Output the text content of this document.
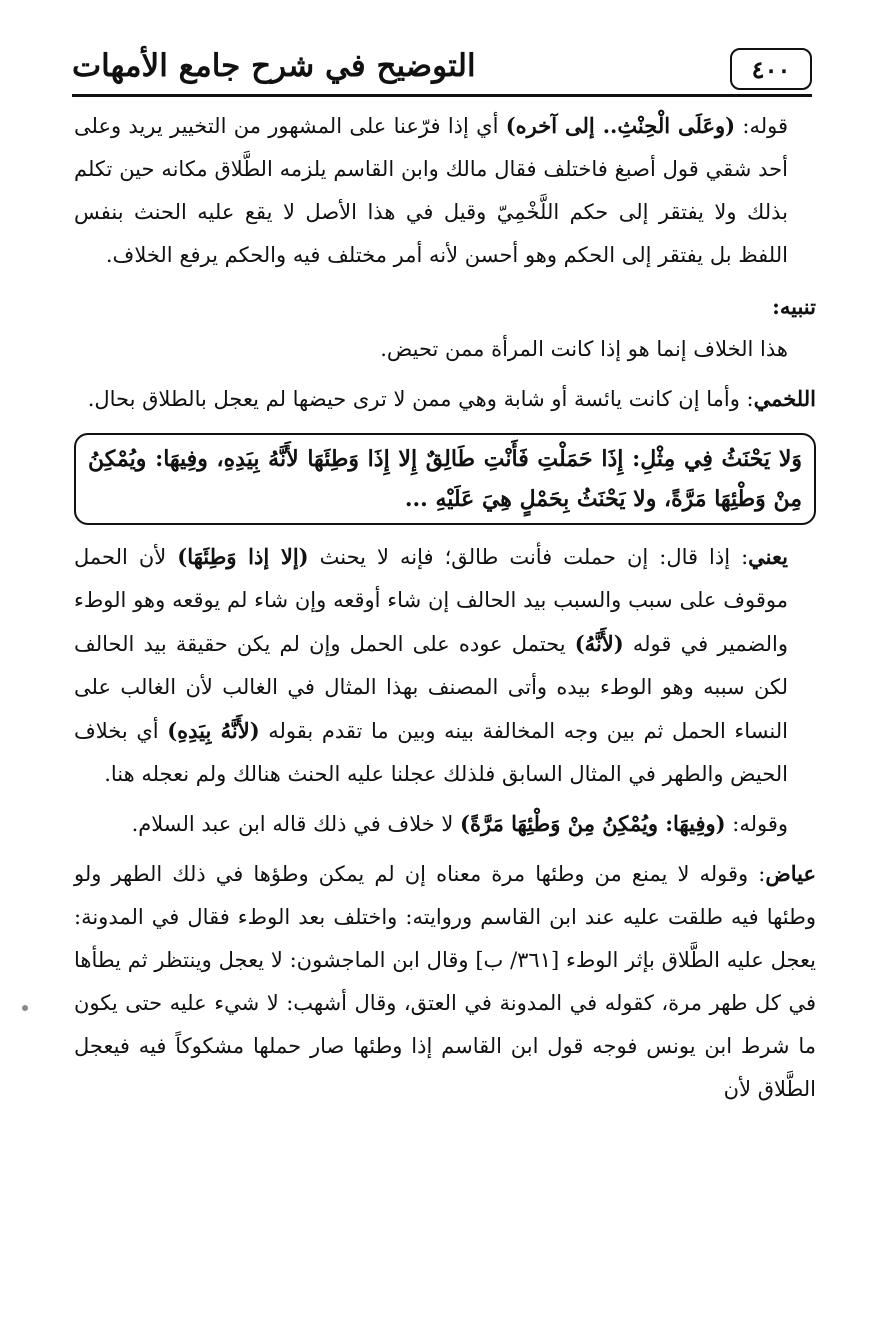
٤٠٠
التوضيح في شرح جامع الأمهات

قوله: (وعَلَى الْحِنْثِ.. إلى آخره) أي إذا فرّعنا على المشهور من التخيير يريد وعلى أحد شقي قول أصبغ فاختلف فقال مالك وابن القاسم يلزمه الطَّلاق مكانه حين تكلم بذلك ولا يفتقر إلى حكم اللَّخْمِيّ وقيل في هذا الأصل لا يقع عليه الحنث بنفس اللفظ بل يفتقر إلى الحكم وهو أحسن لأنه أمر مختلف فيه والحكم يرفع الخلاف.

تنبيه:

هذا الخلاف إنما هو إذا كانت المرأة ممن تحيض.

اللخمي: وأما إن كانت يائسة أو شابة وهي ممن لا ترى حيضها لم يعجل بالطلاق بحال.

وَلا يَحْنَثُ فِي مِثْلِ: إِذَا حَمَلْتِ فَأَنْتِ طَالِقٌ إِلا إِذَا وَطِئَهَا لأَنَّهُ بِيَدِهِ، وفِيهَا: ويُمْكِنُ مِنْ وَطْئِهَا مَرَّةً، ولا يَحْنَثُ بِحَمْلٍ هِيَ عَلَيْهِ ...

يعني: إذا قال: إن حملت فأنت طالق؛ فإنه لا يحنث (إلا إذا وَطِئَهَا) لأن الحمل موقوف على سبب والسبب بيد الحالف إن شاء أوقعه وإن شاء لم يوقعه وهو الوطء والضمير في قوله (لأَنَّهُ) يحتمل عوده على الحمل وإن لم يكن حقيقة بيد الحالف لكن سببه وهو الوطء بيده وأتى المصنف بهذا المثال في الغالب لأن الغالب على النساء الحمل ثم بين وجه المخالفة بينه وبين ما تقدم بقوله (لأَنَّهُ بِيَدِهِ) أي بخلاف الحيض والطهر في المثال السابق فلذلك عجلنا عليه الحنث هنالك ولم نعجله هنا.

وقوله: (وفِيهَا: ويُمْكِنُ مِنْ وَطْئِهَا مَرَّةً) لا خلاف في ذلك قاله ابن عبد السلام.

عياض: وقوله لا يمنع من وطئها مرة معناه إن لم يمكن وطؤها في ذلك الطهر ولو وطئها فيه طلقت عليه عند ابن القاسم وروايته: واختلف بعد الوطء فقال في المدونة: يعجل عليه الطَّلاق بإثر الوطء [٣٦١/ ب] وقال ابن الماجشون: لا يعجل وينتظر ثم يطأها في كل طهر مرة، كقوله في المدونة في العتق، وقال أشهب: لا شيء عليه حتى يكون ما شرط ابن يونس فوجه قول ابن القاسم إذا وطئها صار حملها مشكوكاً فيه فيعجل الطَّلاق لأن
